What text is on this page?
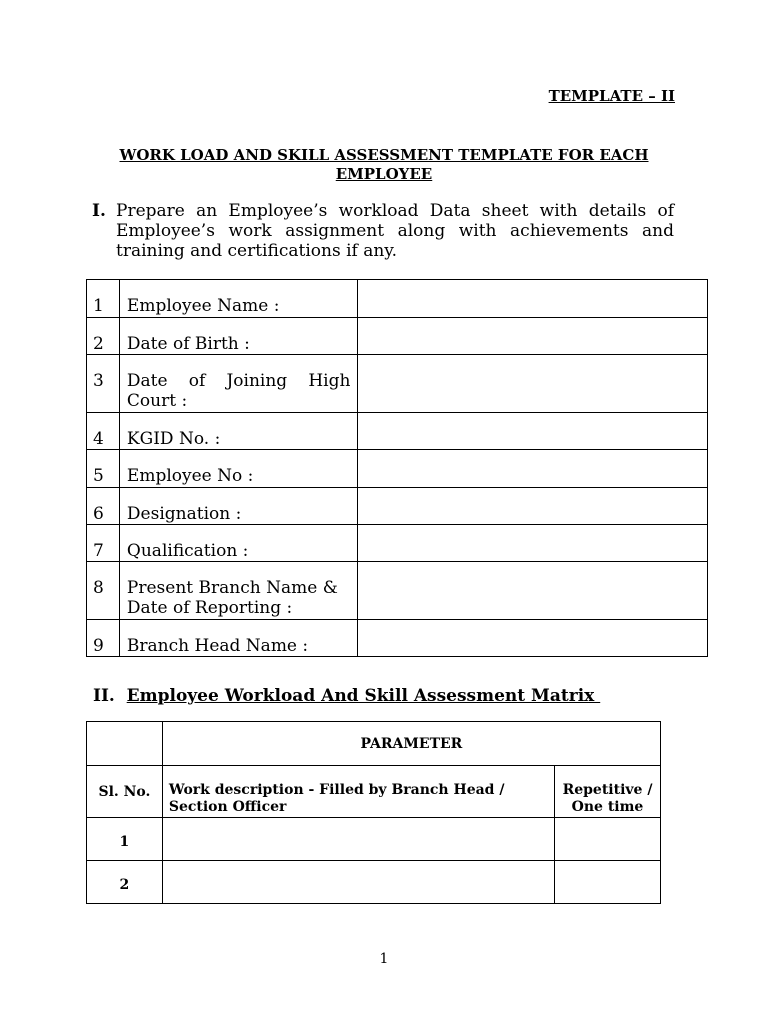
TEMPLATE – II
WORK LOAD AND SKILL ASSESSMENT TEMPLATE FOR EACH EMPLOYEE
I. Prepare an Employee’s workload Data sheet with details of Employee’s work assignment along with achievements and training and certifications if any.
1	Employee Name :	
2	Date of Birth :	
3	Date of Joining High Court :	
4	KGID No. :	
5	Employee No :	
6	Designation :	
7	Qualification :	
8	Present Branch Name & Date of Reporting :	
9	Branch Head Name :	
II. Employee Workload And Skill Assessment Matrix
	PARAMETER	
Sl. No.	Work description - Filled by Branch Head / Section Officer	Repetitive / One time
1		
2		
1
